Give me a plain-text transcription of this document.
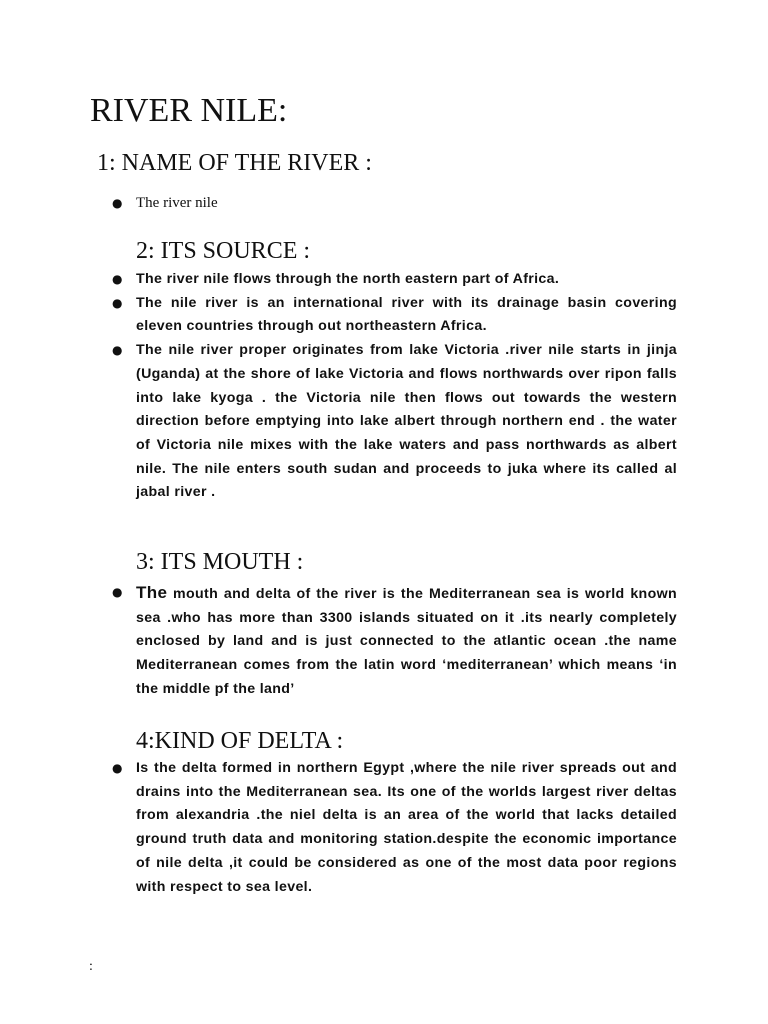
RIVER NILE:
1: NAME OF THE RIVER :
● The river nile
2: ITS SOURCE :
● The river nile flows through the north eastern part of Africa.
● The nile river is an international river with its drainage basin covering eleven countries through out northeastern Africa.
● The nile river proper originates from lake Victoria .river nile starts in jinja (Uganda) at the shore of lake Victoria and flows northwards over ripon falls into lake kyoga . the Victoria nile then flows out towards the western direction before emptying into lake albert through northern end . the water of Victoria nile mixes with the lake waters and pass northwards as albert nile. The nile enters south sudan and proceeds to juka where its called al jabal river .
3: ITS MOUTH :
● The mouth and delta of the river is the Mediterranean sea is world known sea .who has more than 3300 islands situated on it .its nearly completely enclosed by land and is just connected to the atlantic ocean .the name Mediterranean comes from the latin word ‘mediterranean’ which means ‘in the middle pf the land’
4:KIND OF DELTA :
● Is the delta formed in northern Egypt ,where the nile river spreads out and drains into the Mediterranean sea. Its one of the worlds largest river deltas from alexandria .the niel delta is an area of the world that lacks detailed ground truth data and monitoring station.despite the economic importance of nile delta ,it could be considered as one of the most data poor regions with respect to sea level.
:
